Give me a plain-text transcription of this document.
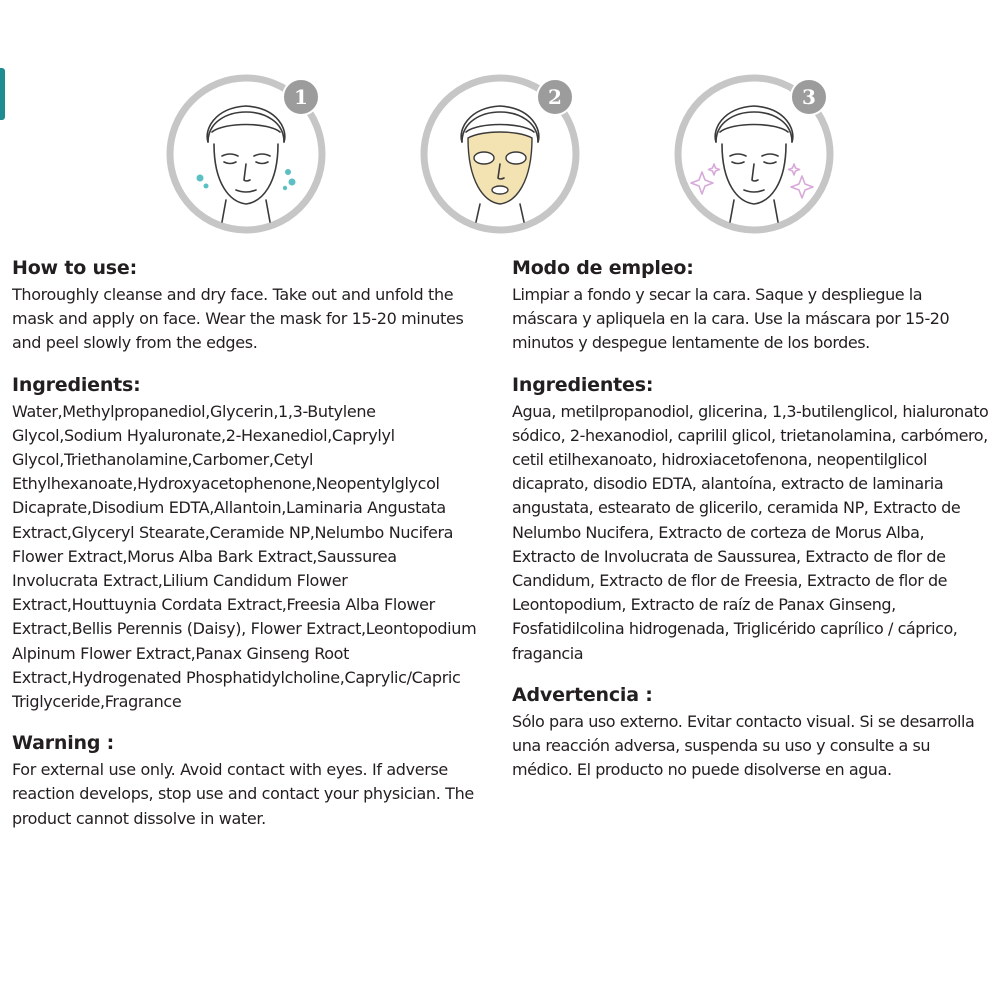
1	2	3
How to use:

Thoroughly cleanse and dry face. Take out and unfold the mask and apply on face. Wear the mask for 15-20 minutes and peel slowly from the edges.

Ingredients:

Water,Methylpropanediol,Glycerin,1,3-Butylene Glycol,Sodium Hyaluronate,2-Hexanediol,Caprylyl Glycol,Triethanolamine,Carbomer,Cetyl Ethylhexanoate,Hydroxyacetophenone,Neopentylglycol Dicaprate,Disodium EDTA,Allantoin,Laminaria Angustata Extract,Glyceryl Stearate,Ceramide NP,Nelumbo Nucifera Flower Extract,Morus Alba Bark Extract,Saussurea Involucrata Extract,Lilium Candidum Flower Extract,Houttuynia Cordata Extract,Freesia Alba Flower Extract,Bellis Perennis (Daisy), Flower Extract,Leontopodium Alpinum Flower Extract,Panax Ginseng Root Extract,Hydrogenated Phosphatidylcholine,Caprylic/Capric Triglyceride,Fragrance

Warning :

For external use only. Avoid contact with eyes. If adverse reaction develops, stop use and contact your physician. The product cannot dissolve in water.

Modo de empleo:

Limpiar a fondo y secar la cara. Saque y despliegue la máscara y apliquela en la cara. Use la máscara por 15-20 minutos y despegue lentamente de los bordes.

Ingredientes:

Agua, metilpropanodiol, glicerina, 1,3-butilenglicol, hialuronato sódico, 2-hexanodiol, caprilil glicol, trietanolamina, carbómero, cetil etilhexanoato, hidroxiacetofenona, neopentilglicol dicaprato, disodio EDTA, alantoína, extracto de laminaria angustata, estearato de glicerilo, ceramida NP, Extracto de Nelumbo Nucifera, Extracto de corteza de Morus Alba, Extracto de Involucrata de Saussurea, Extracto de flor de Candidum, Extracto de flor de Freesia, Extracto de flor de Leontopodium, Extracto de raíz de Panax Ginseng, Fosfatidilcolina hidrogenada, Triglicérido caprílico / cáprico, fragancia

Advertencia :

Sólo para uso externo. Evitar contacto visual. Si se desarrolla una reacción adversa, suspenda su uso y consulte a su médico. El producto no puede disolverse en agua.
